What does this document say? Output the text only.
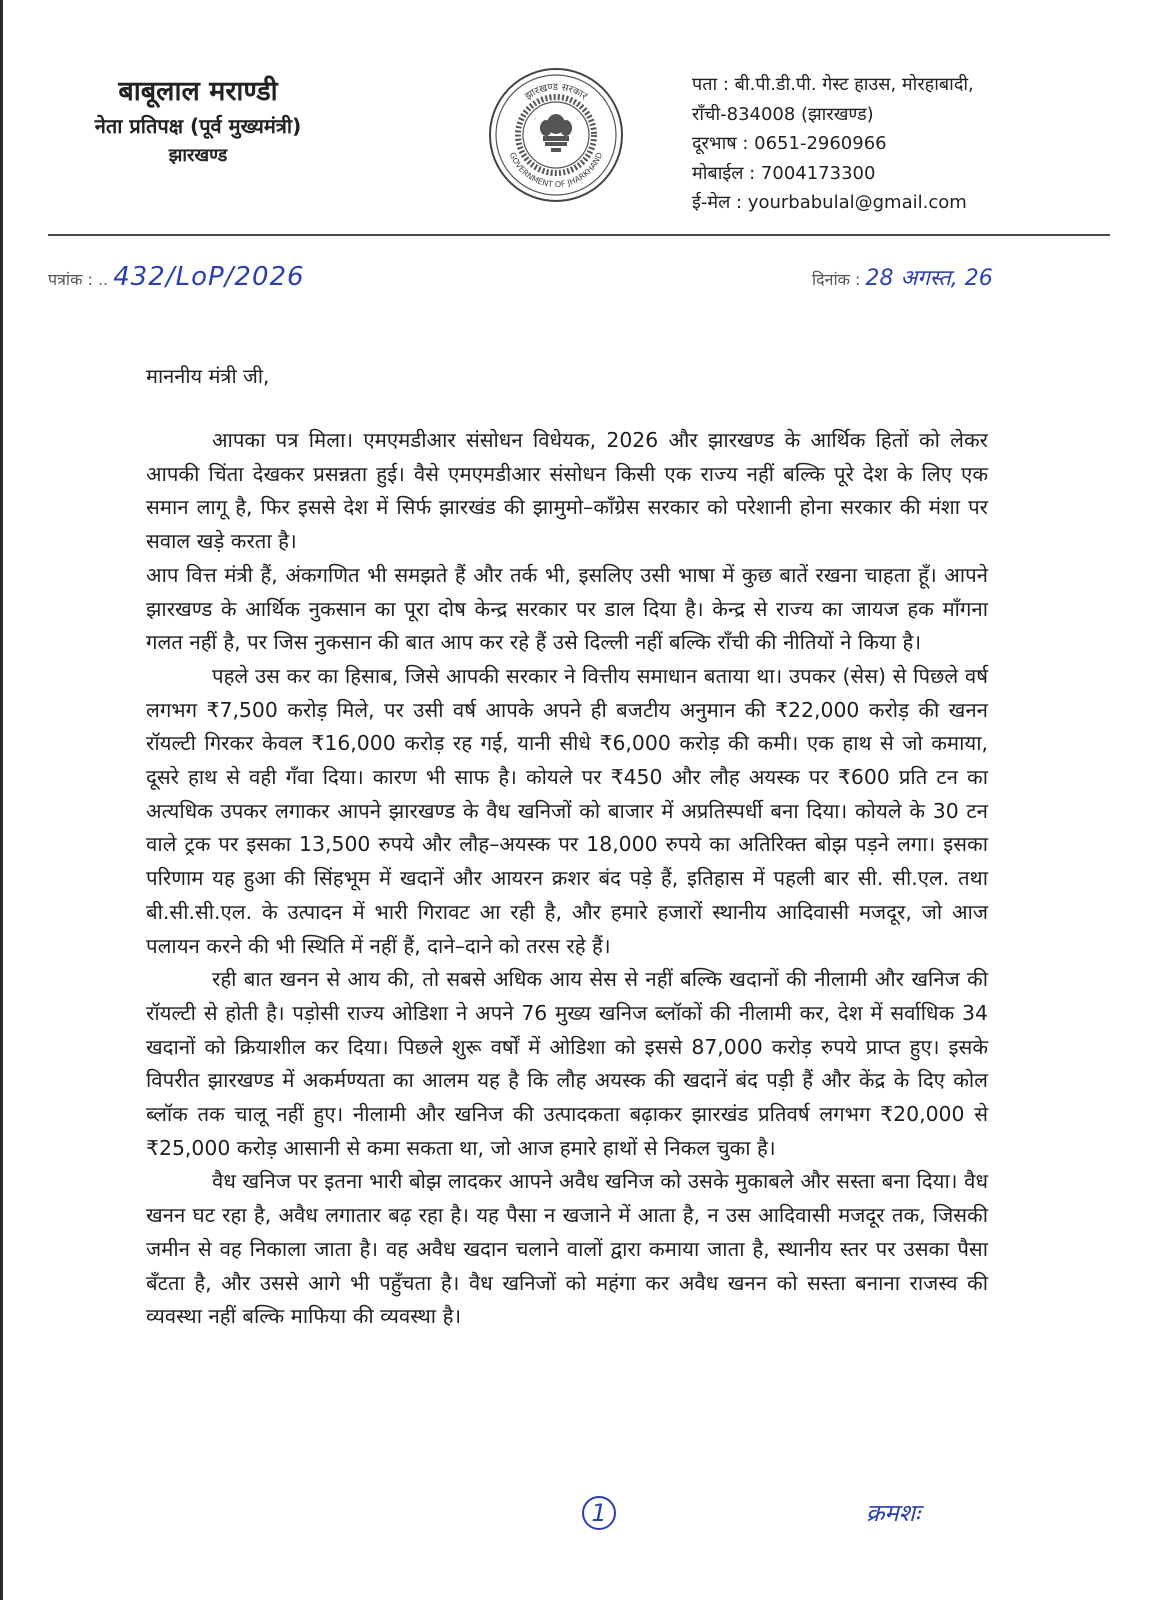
बाबूलाल मराण्डी
नेता प्रतिपक्ष (पूर्व मुख्यमंत्री)
झारखण्ड
झारखण्ड सरकार
GOVERNMENT OF JHARKHAND
पता : बी.पी.डी.पी. गेस्ट हाउस, मोरहाबादी,
राँची-834008 (झारखण्ड)
दूरभाष : 0651-2960966
मोबाईल : 7004173300
ई-मेल : yourbabulal@gmail.com
पत्रांक : .. 432/LoP/2026	दिनांक : 28 अगस्त, 26
माननीय मंत्री जी,

आपका पत्र मिला। एमएमडीआर संसोधन विधेयक, 2026 और झारखण्ड के आर्थिक हितों को लेकर आपकी चिंता देखकर प्रसन्नता हुई। वैसे एमएमडीआर संसोधन किसी एक राज्य नहीं बल्कि पूरे देश के लिए एक समान लागू है, फिर इससे देश में सिर्फ झारखंड की झामुमो–काँग्रेस सरकार को परेशानी होना सरकार की मंशा पर सवाल खड़े करता है।

आप वित्त मंत्री हैं, अंकगणित भी समझते हैं और तर्क भी, इसलिए उसी भाषा में कुछ बातें रखना चाहता हूँ। आपने झारखण्ड के आर्थिक नुकसान का पूरा दोष केन्द्र सरकार पर डाल दिया है। केन्द्र से राज्य का जायज हक माँगना गलत नहीं है, पर जिस नुकसान की बात आप कर रहे हैं उसे दिल्ली नहीं बल्कि राँची की नीतियों ने किया है।

पहले उस कर का हिसाब, जिसे आपकी सरकार ने वित्तीय समाधान बताया था। उपकर (सेस) से पिछले वर्ष लगभग ₹7,500 करोड़ मिले, पर उसी वर्ष आपके अपने ही बजटीय अनुमान की ₹22,000 करोड़ की खनन रॉयल्टी गिरकर केवल ₹16,000 करोड़ रह गई, यानी सीधे ₹6,000 करोड़ की कमी। एक हाथ से जो कमाया, दूसरे हाथ से वही गँवा दिया। कारण भी साफ है। कोयले पर ₹450 और लौह अयस्क पर ₹600 प्रति टन का अत्यधिक उपकर लगाकर आपने झारखण्ड के वैध खनिजों को बाजार में अप्रतिस्पर्धी बना दिया। कोयले के 30 टन वाले ट्रक पर इसका 13,500 रुपये और लौह–अयस्क पर 18,000 रुपये का अतिरिक्त बोझ पड़ने लगा। इसका परिणाम यह हुआ की सिंहभूम में खदानें और आयरन क्रशर बंद पड़े हैं, इतिहास में पहली बार सी. सी.एल. तथा बी.सी.सी.एल. के उत्पादन में भारी गिरावट आ रही है, और हमारे हजारों स्थानीय आदिवासी मजदूर, जो आज पलायन करने की भी स्थिति में नहीं हैं, दाने–दाने को तरस रहे हैं।

रही बात खनन से आय की, तो सबसे अधिक आय सेस से नहीं बल्कि खदानों की नीलामी और खनिज की रॉयल्टी से होती है। पड़ोसी राज्य ओडिशा ने अपने 76 मुख्य खनिज ब्लॉकों की नीलामी कर, देश में सर्वाधिक 34 खदानों को क्रियाशील कर दिया। पिछले शुरू वर्षों में ओडिशा को इससे 87,000 करोड़ रुपये प्राप्त हुए। इसके विपरीत झारखण्ड में अकर्मण्यता का आलम यह है कि लौह अयस्क की खदानें बंद पड़ी हैं और केंद्र के दिए कोल ब्लॉक तक चालू नहीं हुए। नीलामी और खनिज की उत्पादकता बढ़ाकर झारखंड प्रतिवर्ष लगभग ₹20,000 से ₹25,000 करोड़ आसानी से कमा सकता था, जो आज हमारे हाथों से निकल चुका है।

वैध खनिज पर इतना भारी बोझ लादकर आपने अवैध खनिज को उसके मुकाबले और सस्ता बना दिया। वैध खनन घट रहा है, अवैध लगातार बढ़ रहा है। यह पैसा न खजाने में आता है, न उस आदिवासी मजदूर तक, जिसकी जमीन से वह निकाला जाता है। वह अवैध खदान चलाने वालों द्वारा कमाया जाता है, स्थानीय स्तर पर उसका पैसा बँटता है, और उससे आगे भी पहुँचता है। वैध खनिजों को महंगा कर अवैध खनन को सस्ता बनाना राजस्व की व्यवस्था नहीं बल्कि माफिया की व्यवस्था है।

1	क्रमशः
